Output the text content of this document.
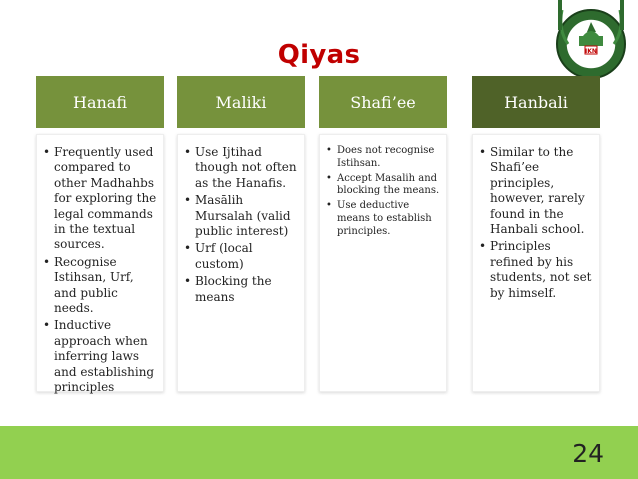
Qiyas	IKN
Hanafi
• Frequently used compared to other Madhahbs for exploring the legal commands in the textual sources.
• Recognise Istihsan, Urf, and public needs.
• Inductive approach when inferring laws and establishing principles
Maliki
• Use Ijtihad though not often as the Hanafis.
• Masālih Mursalah (valid public interest)
• Urf (local custom)
• Blocking the means
Shafi’ee
• Does not recognise Istihsan.
• Accept Masalih and blocking the means.
• Use deductive means to establish principles.
Hanbali
• Similar to the Shafi’ee principles, however, rarely found in the Hanbali school.
• Principles refined by his students, not set by himself.
24
